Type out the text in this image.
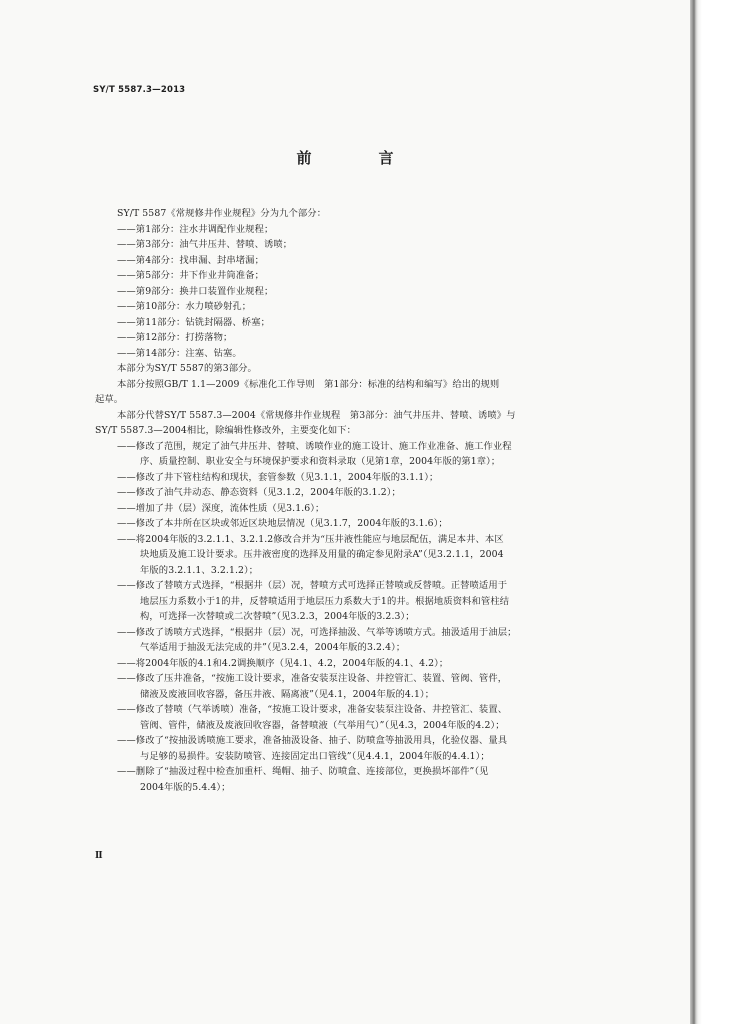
SY/T 5587.3—2013
前　言
SY/T 5587《常规修井作业规程》分为九个部分：
——第1部分：注水井调配作业规程；
——第3部分：油气井压井、替喷、诱喷；
——第4部分：找串漏、封串堵漏；
——第5部分：井下作业井筒准备；
——第9部分：换井口装置作业规程；
——第10部分：水力喷砂射孔；
——第11部分：钻铣封隔器、桥塞；
——第12部分：打捞落物；
——第14部分：注塞、钻塞。
本部分为SY/T 5587的第3部分。
本部分按照GB/T 1.1—2009《标准化工作导则　第1部分：标准的结构和编写》给出的规则
起草。
本部分代替SY/T 5587.3—2004《常规修井作业规程　第3部分：油气井压井、替喷、诱喷》与
SY/T 5587.3—2004相比，除编辑性修改外，主要变化如下：
——修改了范围，规定了油气井压井、替喷、诱喷作业的施工设计、施工作业准备、施工作业程
序、质量控制、职业安全与环境保护要求和资料录取（见第1章，2004年版的第1章）；
——修改了井下管柱结构和现状，套管参数（见3.1.1，2004年版的3.1.1）；
——修改了油气井动态、静态资料（见3.1.2，2004年版的3.1.2）；
——增加了井（层）深度，流体性质（见3.1.6）；
——修改了本井所在区块或邻近区块地层情况（见3.1.7，2004年版的3.1.6）；
——将2004年版的3.2.1.1、3.2.1.2修改合并为“压井液性能应与地层配伍，满足本井、本区
块地质及施工设计要求。压井液密度的选择及用量的确定参见附录A”（见3.2.1.1，2004
年版的3.2.1.1、3.2.1.2）；
——修改了替喷方式选择，“根据井（层）况，替喷方式可选择正替喷或反替喷。正替喷适用于
地层压力系数小于1的井，反替喷适用于地层压力系数大于1的井。根据地质资料和管柱结
构，可选择一次替喷或二次替喷”（见3.2.3，2004年版的3.2.3）；
——修改了诱喷方式选择，“根据井（层）况，可选择抽汲、气举等诱喷方式。抽汲适用于油层；
气举适用于抽汲无法完成的井”（见3.2.4，2004年版的3.2.4）；
——将2004年版的4.1和4.2调换顺序（见4.1、4.2，2004年版的4.1、4.2）；
——修改了压井准备，“按施工设计要求，准备安装泵注设备、井控管汇、装置、管阀、管件，
储液及废液回收容器，备压井液、隔离液”（见4.1，2004年版的4.1）；
——修改了替喷（气举诱喷）准备，“按施工设计要求，准备安装泵注设备、井控管汇、装置、
管阀、管件，储液及废液回收容器，备替喷液（气举用气）”（见4.3，2004年版的4.2）；
——修改了“按抽汲诱喷施工要求，准备抽汲设备、抽子、防喷盒等抽汲用具，化验仪器、量具
与足够的易损件。安装防喷管、连接固定出口管线”（见4.4.1，2004年版的4.4.1）；
——删除了“抽汲过程中检查加重杆、绳帽、抽子、防喷盒、连接部位，更换损坏部件”（见
2004年版的5.4.4）；
Ⅱ
